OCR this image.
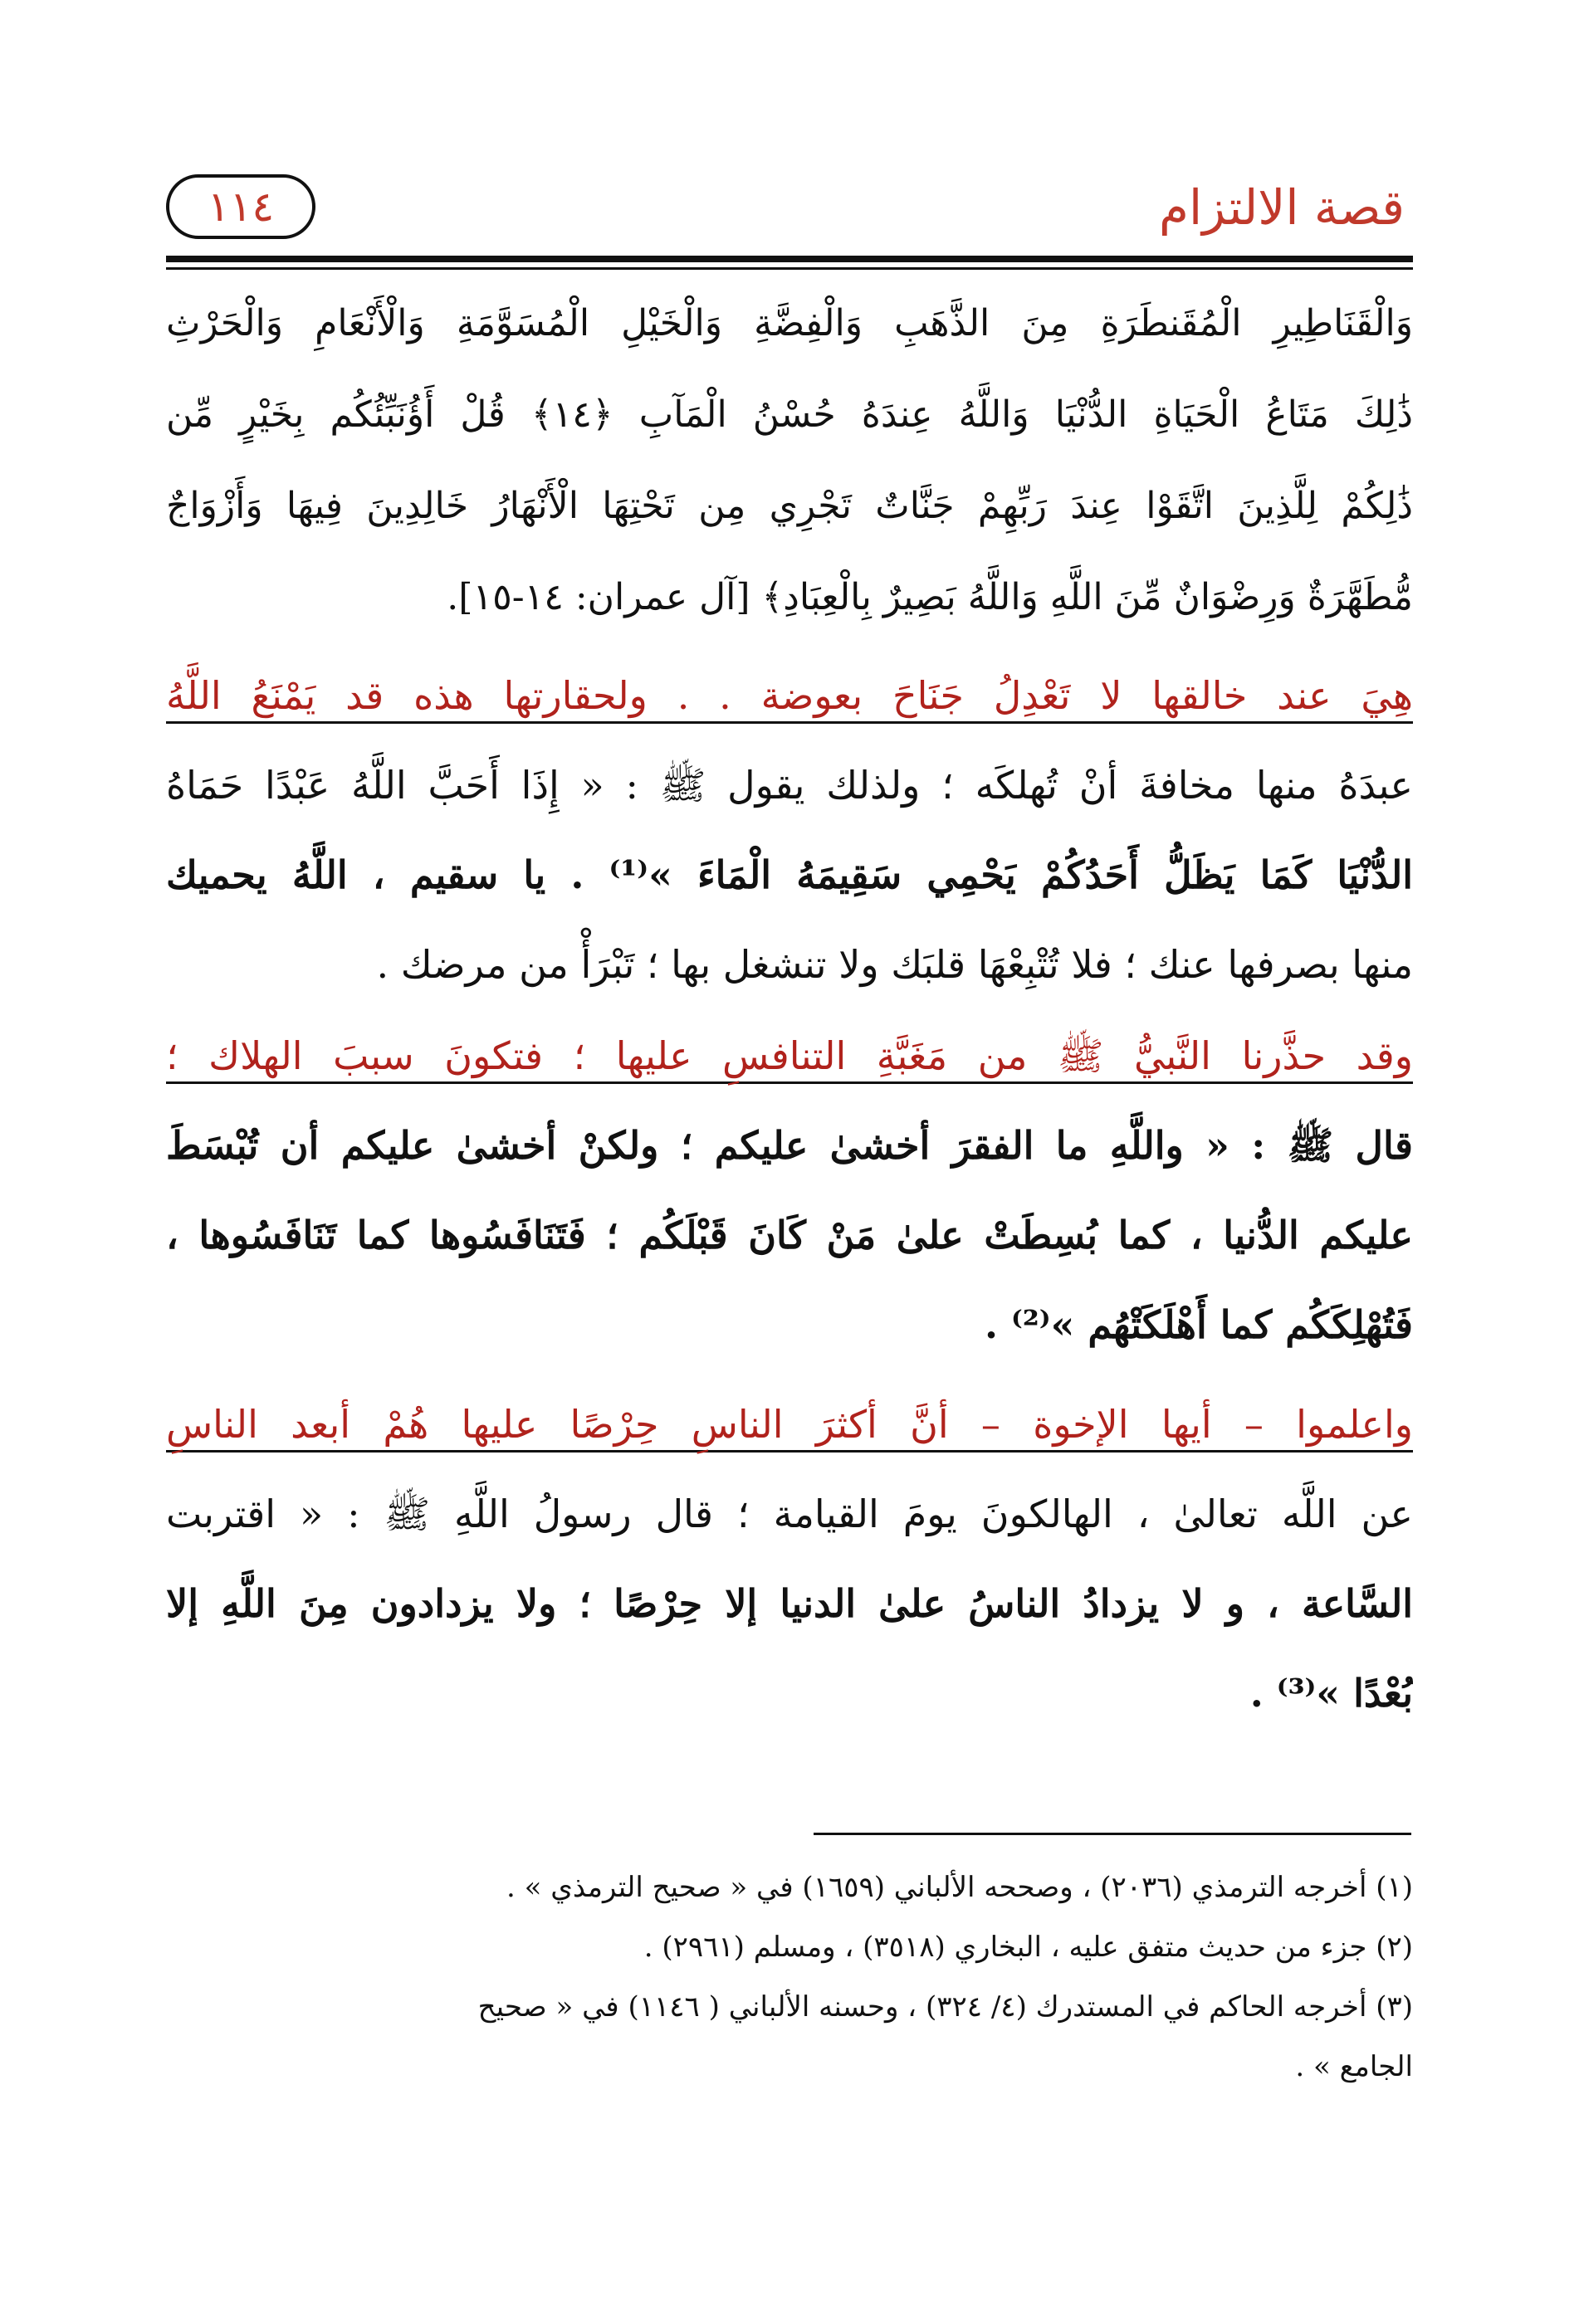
قصة الالتزام
١١٤
وَالْقَنَاطِيرِ الْمُقَنطَرَةِ مِنَ الذَّهَبِ وَالْفِضَّةِ وَالْخَيْلِ الْمُسَوَّمَةِ وَالْأَنْعَامِ وَالْحَرْثِ
ذَٰلِكَ مَتَاعُ الْحَيَاةِ الدُّنْيَا وَاللَّهُ عِندَهُ حُسْنُ الْمَآبِ ﴿١٤﴾ قُلْ أَؤُنَبِّئُكُم بِخَيْرٍ مِّن
ذَٰلِكُمْ لِلَّذِينَ اتَّقَوْا عِندَ رَبِّهِمْ جَنَّاتٌ تَجْرِي مِن تَحْتِهَا الْأَنْهَارُ خَالِدِينَ فِيهَا وَأَزْوَاجٌ
مُّطَهَّرَةٌ وَرِضْوَانٌ مِّنَ اللَّهِ وَاللَّهُ بَصِيرٌ بِالْعِبَادِ﴾ [آل عمران: ١٤-١٥].
هِيَ عند خالقها لا تَعْدِلُ جَنَاحَ بعوضة . . ولحقارتها هذه قد يَمْنَعُ اللَّهُ
عبدَهُ منها مخافةَ أنْ تُهلكَه ؛ ولذلك يقول ﷺ : « إِذَا أَحَبَّ اللَّهُ عَبْدًا حَمَاهُ
الدُّنْيَا كَمَا يَظَلُّ أَحَدُكُمْ يَحْمِي سَقِيمَهُ الْمَاءَ »⁽¹⁾ . يا سقيم ، اللَّهُ يحميك
منها بصرفها عنك ؛ فلا تُتْبِعْهَا قلبَك ولا تنشغل بها ؛ تَبْرَأْ من مرضك .
وقد حذَّرنا النَّبيُّ ﷺ من مَغَبَّةِ التنافسِ عليها ؛ فتكونَ سببَ الهلاك ؛
قال ﷺ : « واللَّهِ ما الفقرَ أخشىٰ عليكم ؛ ولكنْ أخشىٰ عليكم أن تُبْسَطَ
عليكم الدُّنيا ، كما بُسِطَتْ علىٰ مَنْ كَانَ قَبْلَكُم ؛ فَتَنَافَسُوها كما تَنَافَسُوها ،
فَتُهْلِكَكُم كما أَهْلَكَتْهُم »⁽²⁾ .
واعلموا – أيها الإخوة – أنَّ أكثرَ الناسِ حِرْصًا عليها هُمْ أبعد الناسِ
عن اللَّه تعالىٰ ، الهالكونَ يومَ القيامة ؛ قال رسولُ اللَّهِ ﷺ : « اقتربت
السَّاعة ، و لا يزدادُ الناسُ علىٰ الدنيا إلا حِرْصًا ؛ ولا يزدادون مِنَ اللَّهِ إلا
بُعْدًا »⁽³⁾ .
(١) أخرجه الترمذي (٢٠٣٦) ، وصححه الألباني (١٦٥٩) في « صحيح الترمذي » .
(٢) جزء من حديث متفق عليه ، البخاري (٣٥١٨) ، ومسلم (٢٩٦١) .
(٣) أخرجه الحاكم في المستدرك (٤/ ٣٢٤) ، وحسنه الألباني ( ١١٤٦) في « صحيح
الجامع » .
